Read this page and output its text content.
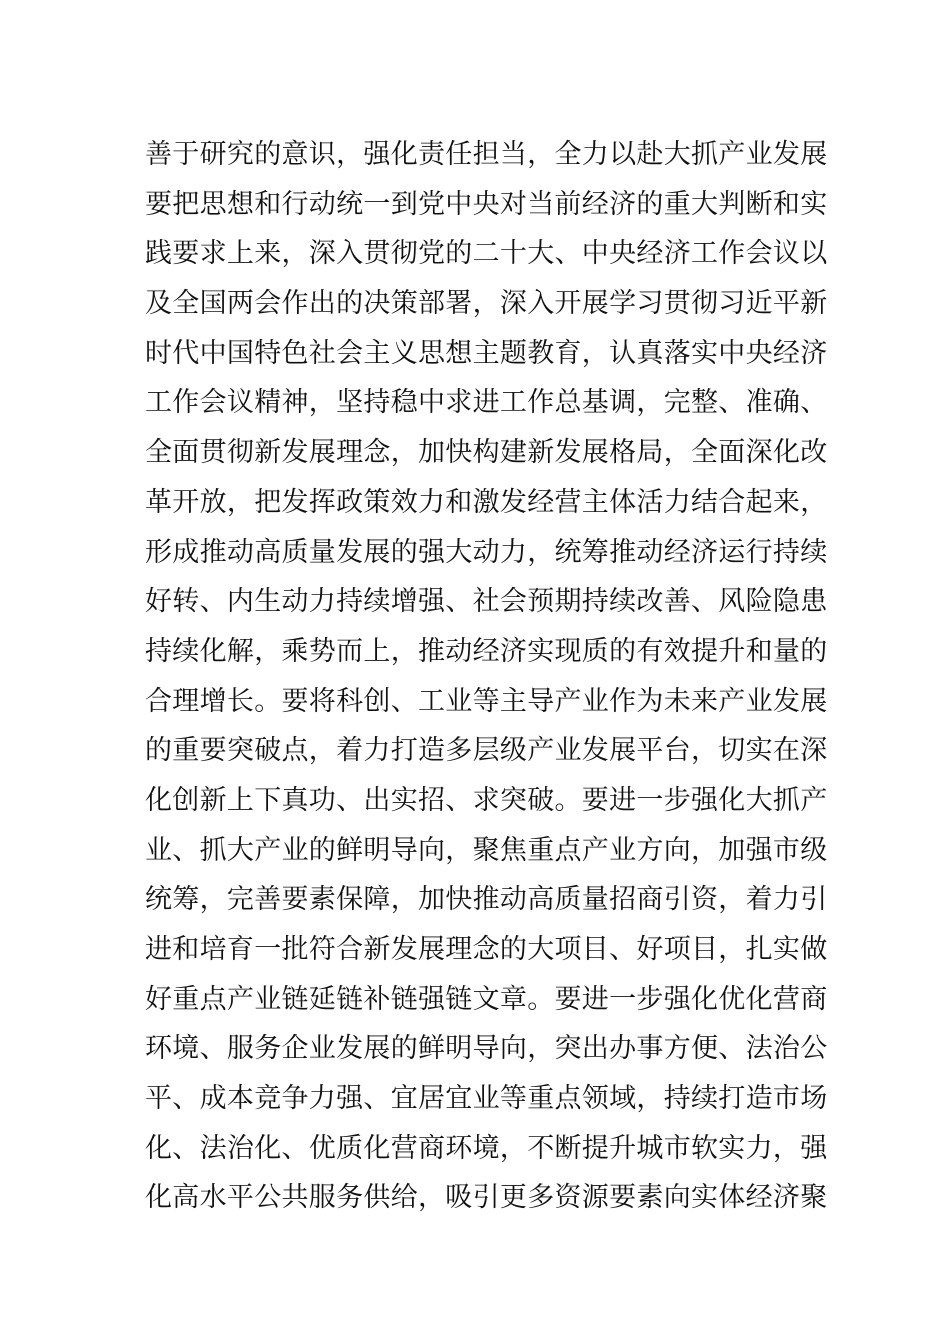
善于研究的意识，强化责任担当，全力以赴大抓产业发展
要把思想和行动统一到党中央对当前经济的重大判断和实
践要求上来，深入贯彻党的二十大、中央经济工作会议以
及全国两会作出的决策部署，深入开展学习贯彻习近平新
时代中国特色社会主义思想主题教育，认真落实中央经济
工作会议精神，坚持稳中求进工作总基调，完整、准确、
全面贯彻新发展理念，加快构建新发展格局，全面深化改
革开放，把发挥政策效力和激发经营主体活力结合起来，
形成推动高质量发展的强大动力，统筹推动经济运行持续
好转、内生动力持续增强、社会预期持续改善、风险隐患
持续化解，乘势而上，推动经济实现质的有效提升和量的
合理增长。要将科创、工业等主导产业作为未来产业发展
的重要突破点，着力打造多层级产业发展平台，切实在深
化创新上下真功、出实招、求突破。要进一步强化大抓产
业、抓大产业的鲜明导向，聚焦重点产业方向，加强市级
统筹，完善要素保障，加快推动高质量招商引资，着力引
进和培育一批符合新发展理念的大项目、好项目，扎实做
好重点产业链延链补链强链文章。要进一步强化优化营商
环境、服务企业发展的鲜明导向，突出办事方便、法治公
平、成本竞争力强、宜居宜业等重点领域，持续打造市场
化、法治化、优质化营商环境，不断提升城市软实力，强
化高水平公共服务供给，吸引更多资源要素向实体经济聚
